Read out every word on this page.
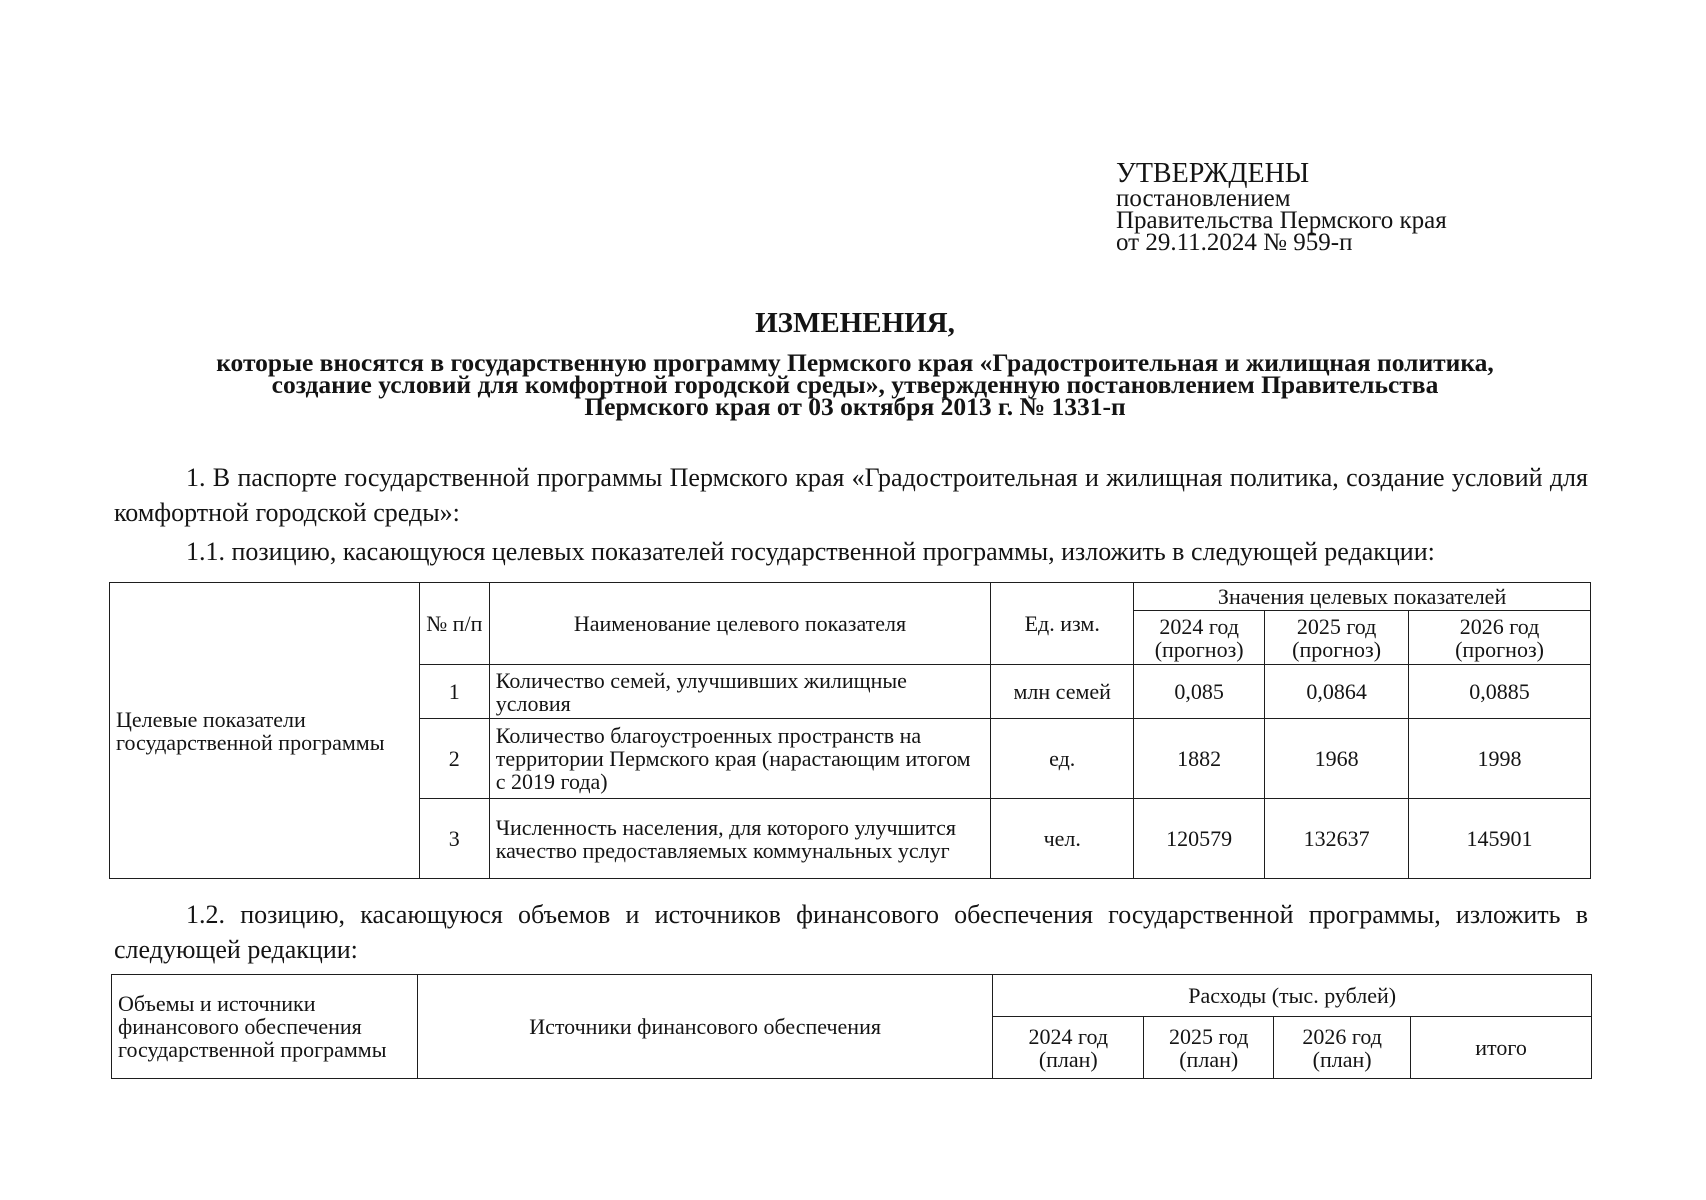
УТВЕРЖДЕНЫ
постановлением
Правительства Пермского края
от 29.11.2024 № 959-п
ИЗМЕНЕНИЯ,
которые вносятся в государственную программу Пермского края «Градостроительная и жилищная политика,
создание условий для комфортной городской среды», утвержденную постановлением Правительства
Пермского края от 03 октября 2013 г. № 1331-п
1. В паспорте государственной программы Пермского края «Градостроительная и жилищная политика, создание условий для комфортной городской среды»:
1.1. позицию, касающуюся целевых показателей государственной программы, изложить в следующей редакции:
Целевые показатели государственной программы	№ п/п	Наименование целевого показателя	Ед. изм.	Значения целевых показателей		
				2024 год (прогноз)	2025 год (прогноз)	2026 год (прогноз)
	1	Количество семей, улучшивших жилищные условия	млн семей	0,085	0,0864	0,0885
	2	Количество благоустроенных пространств на территории Пермского края (нарастающим итогом с 2019 года)	ед.	1882	1968	1998
	3	Численность населения, для которого улучшится качество предоставляемых коммунальных услуг	чел.	120579	132637	145901
1.2. позицию, касающуюся объемов и источников финансового обеспечения государственной программы, изложить в следующей редакции:
Объемы и источники финансового обеспечения государственной программы	Источники финансового обеспечения	Расходы (тыс. рублей)			
		2024 год (план)	2025 год (план)	2026 год (план)	итого
